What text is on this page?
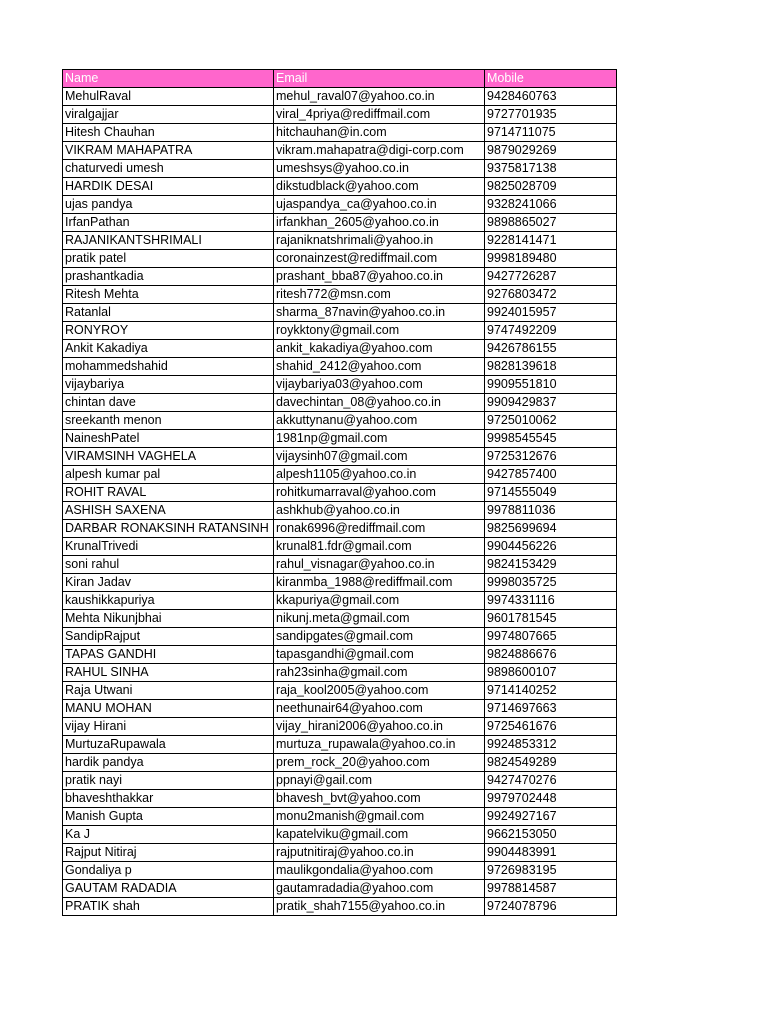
Name	Email	Mobile
MehulRaval	mehul_raval07@yahoo.co.in	9428460763
viralgajjar	viral_4priya@rediffmail.com	9727701935
Hitesh Chauhan	hitchauhan@in.com	9714711075
VIKRAM MAHAPATRA	vikram.mahapatra@digi-corp.com	9879029269
chaturvedi umesh	umeshsys@yahoo.co.in	9375817138
HARDIK DESAI	dikstudblack@yahoo.com	9825028709
ujas pandya	ujaspandya_ca@yahoo.co.in	9328241066
IrfanPathan	irfankhan_2605@yahoo.co.in	9898865027
RAJANIKANTSHRIMALI	rajaniknatshrimali@yahoo.in	9228141471
pratik patel	coronainzest@rediffmail.com	9998189480
prashantkadia	prashant_bba87@yahoo.co.in	9427726287
Ritesh Mehta	ritesh772@msn.com	9276803472
Ratanlal	sharma_87navin@yahoo.co.in	9924015957
RONYROY	roykktony@gmail.com	9747492209
Ankit Kakadiya	ankit_kakadiya@yahoo.com	9426786155
mohammedshahid	shahid_2412@yahoo.com	9828139618
vijaybariya	vijaybariya03@yahoo.com	9909551810
chintan dave	davechintan_08@yahoo.co.in	9909429837
sreekanth menon	akkuttynanu@yahoo.com	9725010062
NaineshPatel	1981np@gmail.com	9998545545
VIRAMSINH VAGHELA	vijaysinh07@gmail.com	9725312676
alpesh kumar pal	alpesh1105@yahoo.co.in	9427857400
ROHIT RAVAL	rohitkumarraval@yahoo.com	9714555049
ASHISH SAXENA	ashkhub@yahoo.co.in	9978811036
DARBAR RONAKSINH RATANSINH	ronak6996@rediffmail.com	9825699694
KrunalTrivedi	krunal81.fdr@gmail.com	9904456226
soni rahul	rahul_visnagar@yahoo.co.in	9824153429
Kiran Jadav	kiranmba_1988@rediffmail.com	9998035725
kaushikkapuriya	kkapuriya@gmail.com	9974331116
Mehta Nikunjbhai	nikunj.meta@gmail.com	9601781545
SandipRajput	sandipgates@gmail.com	9974807665
TAPAS GANDHI	tapasgandhi@gmail.com	9824886676
RAHUL SINHA	rah23sinha@gmail.com	9898600107
Raja Utwani	raja_kool2005@yahoo.com	9714140252
MANU MOHAN	neethunair64@yahoo.com	9714697663
vijay Hirani	vijay_hirani2006@yahoo.co.in	9725461676
MurtuzaRupawala	murtuza_rupawala@yahoo.co.in	9924853312
hardik pandya	prem_rock_20@yahoo.com	9824549289
pratik nayi	ppnayi@gail.com	9427470276
bhaveshthakkar	bhavesh_bvt@yahoo.com	9979702448
Manish Gupta	monu2manish@gmail.com	9924927167
Ka J	kapatelviku@gmail.com	9662153050
Rajput Nitiraj	rajputnitiraj@yahoo.co.in	9904483991
Gondaliya p	maulikgondalia@yahoo.com	9726983195
GAUTAM RADADIA	gautamradadia@yahoo.com	9978814587
PRATIK shah	pratik_shah7155@yahoo.co.in	9724078796
